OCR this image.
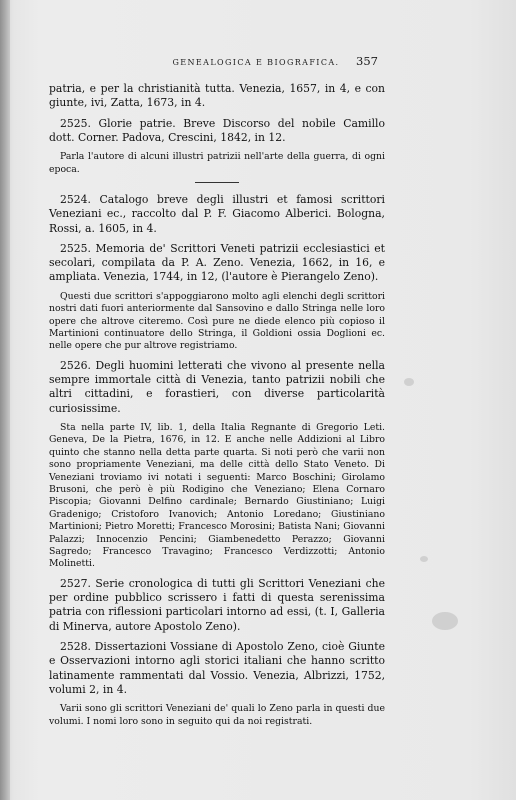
GENEALOGICA E BIOGRAFICA.	357

patria, e per la christianità tutta. Venezia, 1657, in 4, e con giunte, ivi, Zatta, 1673, in 4.

2525. Glorie patrie. Breve Discorso del nobile Camillo dott. Corner. Padova, Crescini, 1842, in 12.

Parla l'autore di alcuni illustri patrizii nell'arte della guerra, di ogni epoca.

2524. Catalogo breve degli illustri et famosi scrittori Veneziani ec., raccolto dal P. F. Giacomo Alberici. Bologna, Rossi, a. 1605, in 4.

2525. Memoria de' Scrittori Veneti patrizii ecclesiastici et secolari, compilata da P. A. Zeno. Venezia, 1662, in 16, e ampliata. Venezia, 1744, in 12, (l'autore è Pierangelo Zeno).

Questi due scrittori s'appoggiarono molto agli elenchi degli scrittori nostri dati fuori anteriormente dal Sansovino e dallo Stringa nelle loro opere che altrove citeremo. Così pure ne diede elenco più copioso il Martinioni continuatore dello Stringa, il Goldioni ossia Doglioni ec. nelle opere che pur altrove registriamo.

2526. Degli huomini letterati che vivono al presente nella sempre immortale città di Venezia, tanto patrizii nobili che altri cittadini, e forastieri, con diverse particolarità curiosissime.

Sta nella parte IV, lib. 1, della Italia Regnante di Gregorio Leti. Geneva, De la Pietra, 1676, in 12. E anche nelle Addizioni al Libro quinto che stanno nella detta parte quarta. Si noti però che varii non sono propriamente Veneziani, ma delle città dello Stato Veneto. Di Veneziani troviamo ivi notati i seguenti: Marco Boschini; Girolamo Brusoni, che però è più Rodigino che Veneziano; Elena Cornaro Piscopia; Giovanni Delfino cardinale; Bernardo Giustiniano; Luigi Gradenigo; Cristoforo Ivanovich; Antonio Loredano; Giustiniano Martinioni; Pietro Moretti; Francesco Morosini; Batista Nani; Giovanni Palazzi; Innocenzio Pencini; Giambenedetto Perazzo; Giovanni Sagredo; Francesco Travagino; Francesco Verdizzotti; Antonio Molinetti.

2527. Serie cronologica di tutti gli Scrittori Veneziani che per ordine pubblico scrissero i fatti di questa serenissima patria con riflessioni particolari intorno ad essi, (t. I, Galleria di Minerva, autore Apostolo Zeno).

2528. Dissertazioni Vossiane di Apostolo Zeno, cioè Giunte e Osservazioni intorno agli storici italiani che hanno scritto latinamente rammentati dal Vossio. Venezia, Albrizzi, 1752, volumi 2, in 4.

Varii sono gli scrittori Veneziani de' quali lo Zeno parla in questi due volumi. I nomi loro sono in seguito qui da noi registrati.
